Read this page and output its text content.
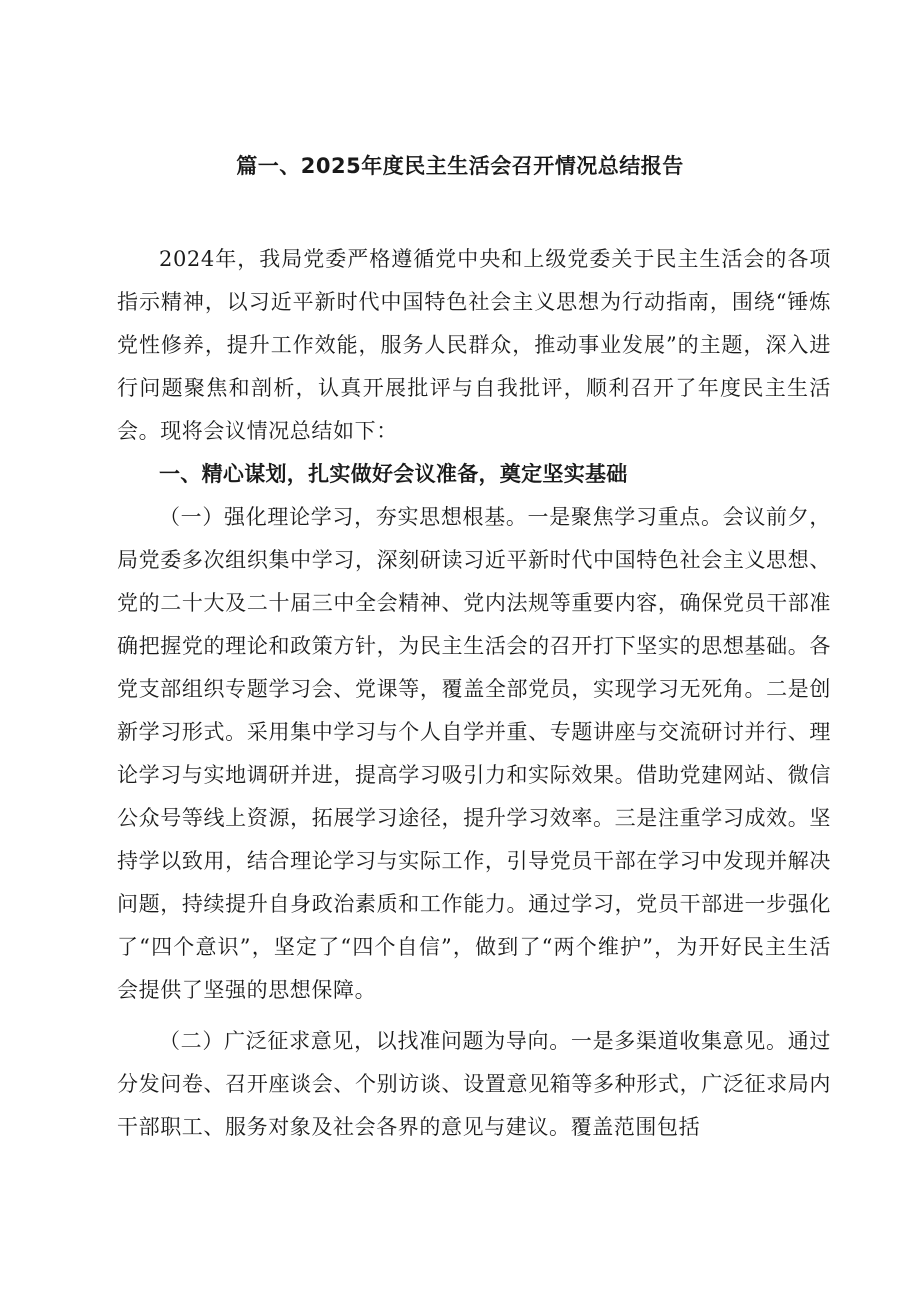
篇一、2025年度民主生活会召开情况总结报告

2024年，我局党委严格遵循党中央和上级党委关于民主生活会的各项指示精神，以习近平新时代中国特色社会主义思想为行动指南，围绕“锤炼党性修养，提升工作效能，服务人民群众，推动事业发展”的主题，深入进行问题聚焦和剖析，认真开展批评与自我批评，顺利召开了年度民主生活会。现将会议情况总结如下：

一、精心谋划，扎实做好会议准备，奠定坚实基础

（一）强化理论学习，夯实思想根基。一是聚焦学习重点。会议前夕，局党委多次组织集中学习，深刻研读习近平新时代中国特色社会主义思想、党的二十大及二十届三中全会精神、党内法规等重要内容，确保党员干部准确把握党的理论和政策方针，为民主生活会的召开打下坚实的思想基础。各党支部组织专题学习会、党课等，覆盖全部党员，实现学习无死角。二是创新学习形式。采用集中学习与个人自学并重、专题讲座与交流研讨并行、理论学习与实地调研并进，提高学习吸引力和实际效果。借助党建网站、微信公众号等线上资源，拓展学习途径，提升学习效率。三是注重学习成效。坚持学以致用，结合理论学习与实际工作，引导党员干部在学习中发现并解决问题，持续提升自身政治素质和工作能力。通过学习，党员干部进一步强化了“四个意识”，坚定了“四个自信”，做到了“两个维护”，为开好民主生活会提供了坚强的思想保障。

（二）广泛征求意见，以找准问题为导向。一是多渠道收集意见。通过分发问卷、召开座谈会、个别访谈、设置意见箱等多种形式，广泛征求局内干部职工、服务对象及社会各界的意见与建议。覆盖范围包括
